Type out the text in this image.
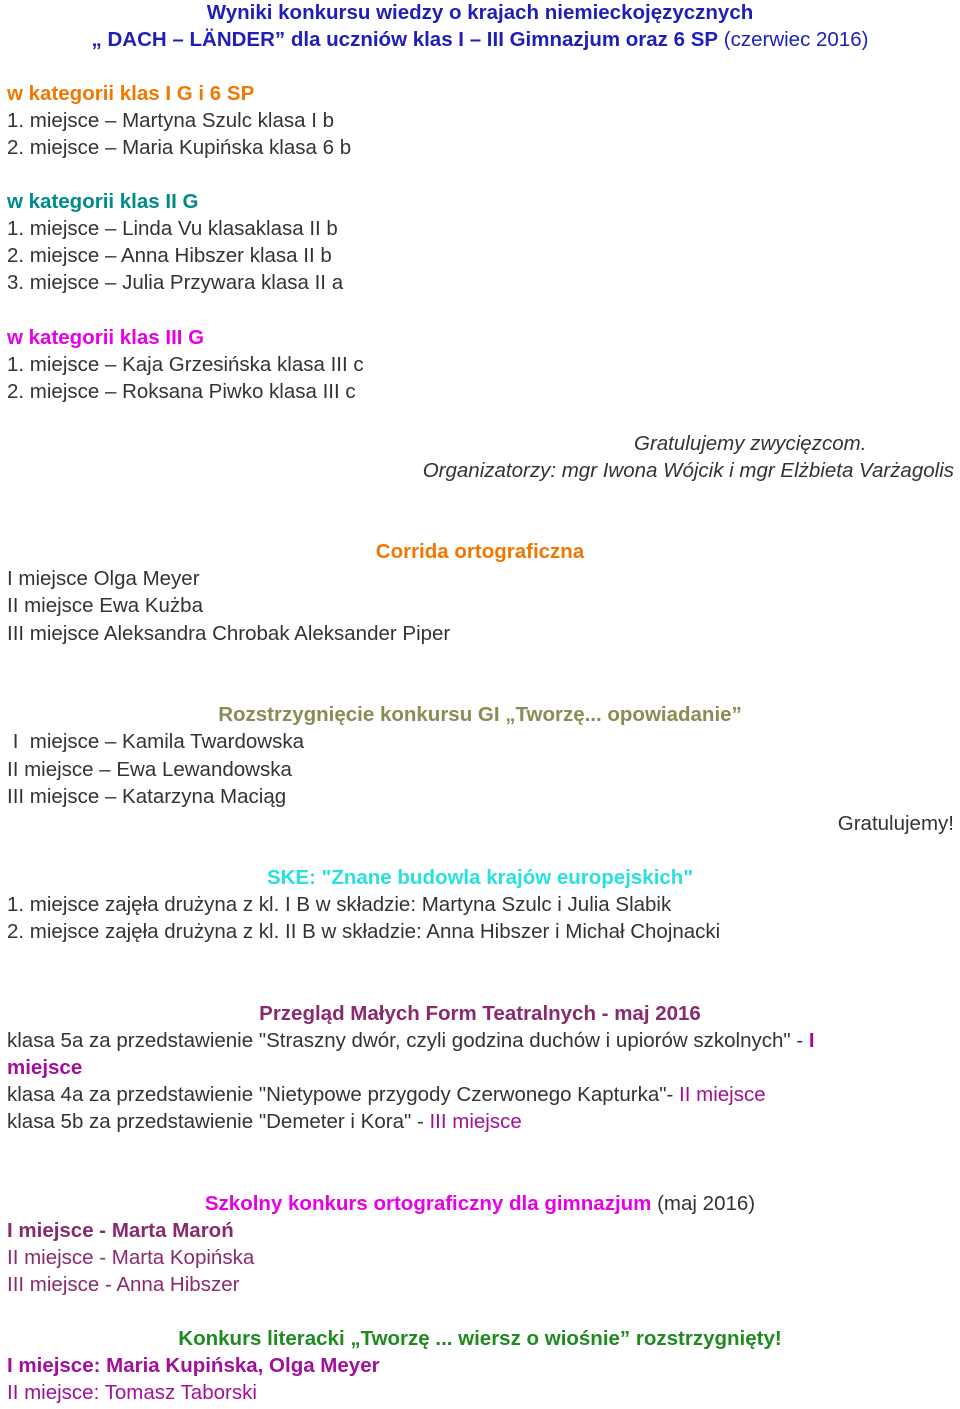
Wyniki konkursu wiedzy o krajach niemieckojęzycznych
„ DACH – LÄNDER” dla uczniów klas I – III Gimnazjum oraz 6 SP (czerwiec 2016)
w kategorii klas I G i 6 SP
1. miejsce – Martyna Szulc klasa I b
2. miejsce – Maria Kupińska klasa 6 b
w kategorii klas II G
1. miejsce – Linda Vu klasaklasa II b
2. miejsce – Anna Hibszer klasa II b
3. miejsce – Julia Przywara klasa II a
w kategorii klas III G
1. miejsce – Kaja Grzesińska klasa III c
2. miejsce – Roksana Piwko klasa III c
Gratulujemy zwycięzcom.
Organizatorzy: mgr Iwona Wójcik i mgr Elżbieta Varżagolis
Corrida ortograficzna
I miejsce Olga Meyer
II miejsce Ewa Kużba
III miejsce Aleksandra Chrobak Aleksander Piper
Rozstrzygnięcie konkursu GI „Tworzę... opowiadanie”
I  miejsce – Kamila Twardowska
II miejsce – Ewa Lewandowska
III miejsce – Katarzyna Maciąg
Gratulujemy!
SKE: "Znane budowla krajów europejskich"
1. miejsce zajęła drużyna z kl. I B w składzie: Martyna Szulc i Julia Slabik
2. miejsce zajęła drużyna z kl. II B w składzie: Anna Hibszer i Michał Chojnacki
Przegląd Małych Form Teatralnych - maj 2016
klasa 5a za przedstawienie "Straszny dwór, czyli godzina duchów i upiorów szkolnych" - I
miejsce
klasa 4a za przedstawienie "Nietypowe przygody Czerwonego Kapturka"- II miejsce
klasa 5b za przedstawienie "Demeter i Kora" - III miejsce
Szkolny konkurs ortograficzny dla gimnazjum (maj 2016)
I miejsce - Marta Maroń
II miejsce - Marta Kopińska
III miejsce - Anna Hibszer
Konkurs literacki „Tworzę ... wiersz o wiośnie” rozstrzygnięty!
I miejsce: Maria Kupińska, Olga Meyer
II miejsce: Tomasz Taborski
